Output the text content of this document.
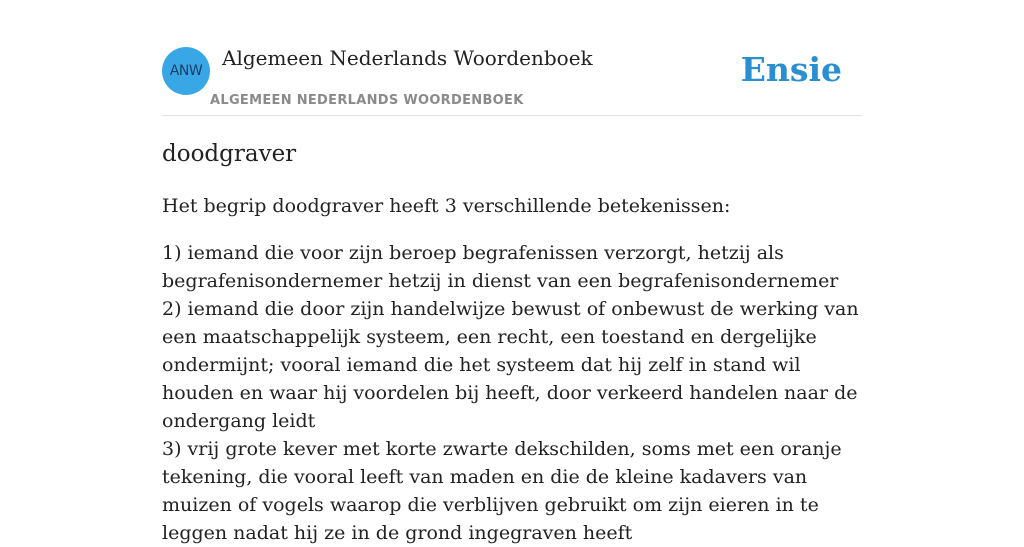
ANW
Algemeen Nederlands Woordenboek
ALGEMEEN NEDERLANDS WOORDENBOEK
Ensie
doodgraver
Het begrip doodgraver heeft 3 verschillende betekenissen:

1) iemand die voor zijn beroep begrafenissen verzorgt, hetzij als begrafenisondernemer hetzij in dienst van een begrafenisondernemer

2) iemand die door zijn handelwijze bewust of onbewust de werking van een maatschappelijk systeem, een recht, een toestand en dergelijke ondermijnt; vooral iemand die het systeem dat hij zelf in stand wil houden en waar hij voordelen bij heeft, door verkeerd handelen naar de ondergang leidt

3) vrij grote kever met korte zwarte dekschilden, soms met een oranje tekening, die vooral leeft van maden en die de kleine kadavers van muizen of vogels waarop die verblijven gebruikt om zijn eieren in te leggen nadat hij ze in de grond ingegraven heeft
